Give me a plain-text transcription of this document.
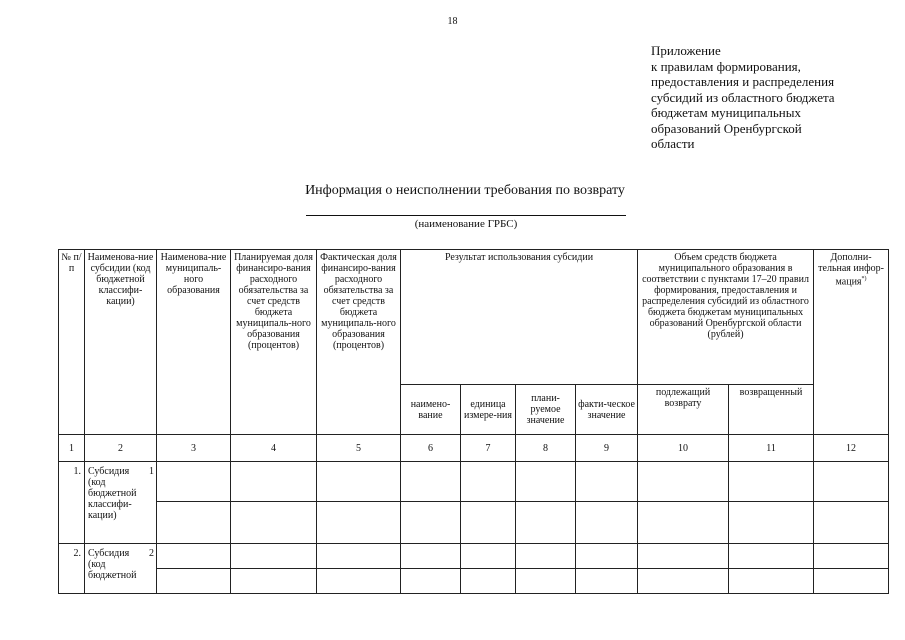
18
Приложение
к правилам формирования,
предоставления и распределения
субсидий из областного бюджета
бюджетам муниципальных
образований Оренбургской
области
Информация о неисполнении требования по возврату
(наименование ГРБС)
№ п/п	Наименова-ние субсидии (код бюджетной классифи-кации)	Наименова-ние муниципаль-ного образования	Планируемая доля финансиро-вания расходного обязательства за счет средств бюджета муниципаль-ного образования (процентов)	Фактическая доля финансиро-вания расходного обязательства за счет средств бюджета муниципаль-ного образования (процентов)	Результат использования субсидии				Объем средств бюджета муниципального образования в соответствии с пунктами 17–20 правил формирования, предоставления и распределения субсидий из областного бюджета бюджетам муниципальных образований Оренбургской области (рублей)		Дополни-тельная инфор-мация*)
					наимено-вание	единица измере-ния	плани-руемое значение	факти-ческое значение	подлежащий возврату	возвращенный	
1	2	3	4	5	6	7	8	9	10	11	12
1.	Субсидия 1
(код бюджетной классифи-кации)										

2.	Субсидия 2
(код бюджетной										
